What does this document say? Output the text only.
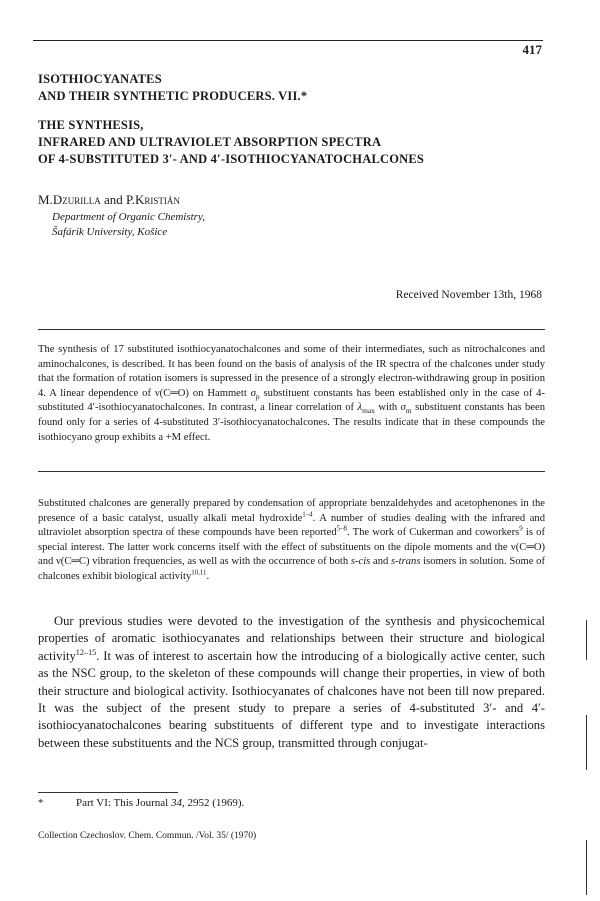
417
ISOTHIOCYANATES
AND THEIR SYNTHETIC PRODUCERS. VII.*
THE SYNTHESIS,
INFRARED AND ULTRAVIOLET ABSORPTION SPECTRA
OF 4-SUBSTITUTED 3′- AND 4′-ISOTHIOCYANATOCHALCONES
M.Dzurilla and P.Kristián
Department of Organic Chemistry,
Šafárik University, Košice
Received November 13th, 1968

The synthesis of 17 substituted isothiocyanatochalcones and some of their intermediates, such as nitrochalcones and aminochalcones, is described. It has been found on the basis of analysis of the IR spectra of the chalcones under study that the formation of rotation isomers is supressed in the presence of a strongly electron-withdrawing group in position 4. A linear dependence of ν(C═O) on Hammett $\sigma_p$ substituent constants has been established only in the case of 4-substituted 4′-isothiocyanatochalcones. In contrast, a linear correlation of $\lambda_{max}$ with $\sigma_m$ substituent constants has been found only for a series of 4-substituted 3′-isothiocyanatochalcones. The results indicate that in these compounds the isothiocyano group exhibits a +M effect.

Substituted chalcones are generally prepared by condensation of appropriate benzaldehydes and acetophenones in the presence of a basic catalyst, usually alkali metal hydroxide$^{1-4}$. A number of studies dealing with the infrared and ultraviolet absorption spectra of these compounds have been reported$^{5-8}$. The work of Cukerman and coworkers$^9$ is of special interest. The latter work concerns itself with the effect of substituents on the dipole moments and the ν(C═O) and ν(C═C) vibration frequencies, as well as with the occurrence of both s-cis and s-trans isomers in solution. Some of chalcones exhibit biological activity$^{10,11}$.

Our previous studies were devoted to the investigation of the synthesis and physicochemical properties of aromatic isothiocyanates and relationships between their structure and biological activity$^{12-15}$. It was of interest to ascertain how the introducing of a biologically active center, such as the NSC group, to the skeleton of these compounds will change their properties, in view of both their structure and biological activity. Isothiocyanates of chalcones have not been till now prepared. It was the subject of the present study to prepare a series of 4-substituted 3′- and 4′-isothiocyanatochalcones bearing substituents of different type and to investigate interactions between these substituents and the NCS group, transmitted through conjugat-

*	Part VI: This Journal 34, 2952 (1969).
Collection Czechoslov. Chem. Commun. /Vol. 35/ (1970)
